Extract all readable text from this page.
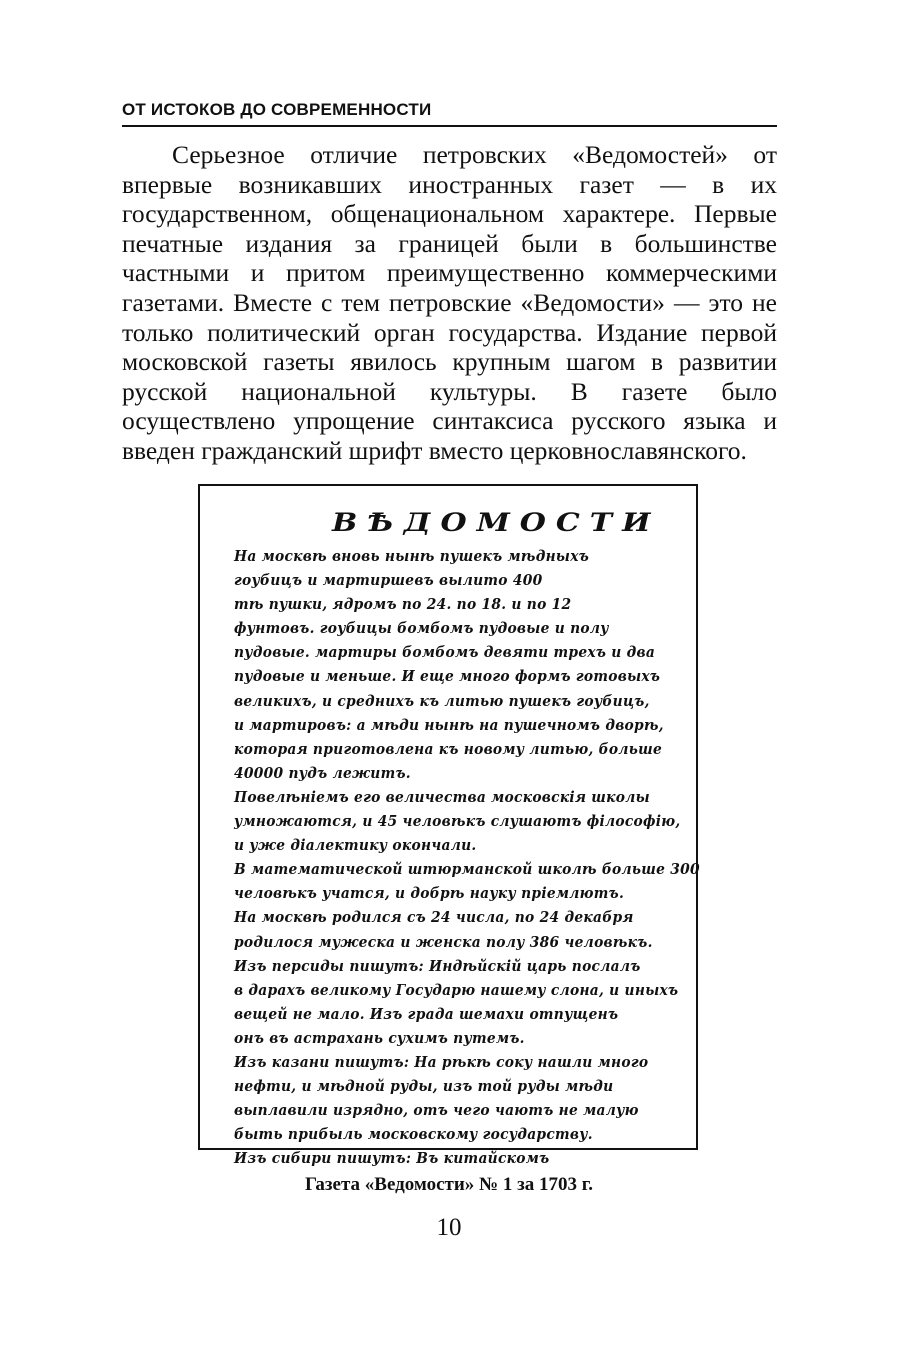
ОТ ИСТОКОВ ДО СОВРЕМЕННОСТИ

Серьезное отличие петровских «Ведомостей» от впервые возникавших иностранных газет — в их государственном, общенациональном характере. Первые печатные издания за границей были в большинстве частными и притом преимущественно коммерческими газетами. Вместе с тем петровские «Ведомости» — это не только политический орган государства. Издание первой московской газеты явилось крупным шагом в развитии русской национальной культуры. В газете было осуществлено упрощение синтаксиса русского языка и введен гражданский шрифт вместо церковнославянского.

ВѢДОМОСТИ
На москвѣ вновь нынѣ пушекъ мѣдныхъ
гоубицъ и мартиршевъ вылито 400
тѣ пушки, ядромъ по 24. по 18. и по 12
фунтовъ. гоубицы бомбомъ пудовые и полу
пудовые. мартиры бомбомъ девяти трехъ и два
пудовые и меньше. И еще много формъ готовыхъ
великихъ, и среднихъ къ литью пушекъ гоубицъ,
и мартировъ: а мѣди нынѣ на пушечномъ дворѣ,
которая приготовлена къ новому литью, больше
40000 пудъ лежитъ.
Повелѣніемъ его величества московскія школы
умножаются, и 45 человѣкъ слушаютъ філософію,
и уже діалектику окончали.
В математической штюрманской школѣ больше 300
человѣкъ учатся, и добрѣ науку пріемлютъ.
На москвѣ родился съ 24 числа, по 24 декабря
родилося мужеска и женска полу 386 человѣкъ.
Изъ персиды пишутъ: Индѣйскій царь послалъ
в дарахъ великому Государю нашему слона, и иныхъ
вещей не мало. Изъ града шемахи отпущенъ
онъ въ астрахань сухимъ путемъ.
Изъ казани пишутъ: На рѣкѣ соку нашли много
нефти, и мѣдной руды, изъ той руды мѣди
выплавили изрядно, отъ чего чаютъ не малую
быть прибыль московскому государству.
Изъ сибири пишутъ: Въ китайскомъ
Газета «Ведомости» № 1 за 1703 г.
10
